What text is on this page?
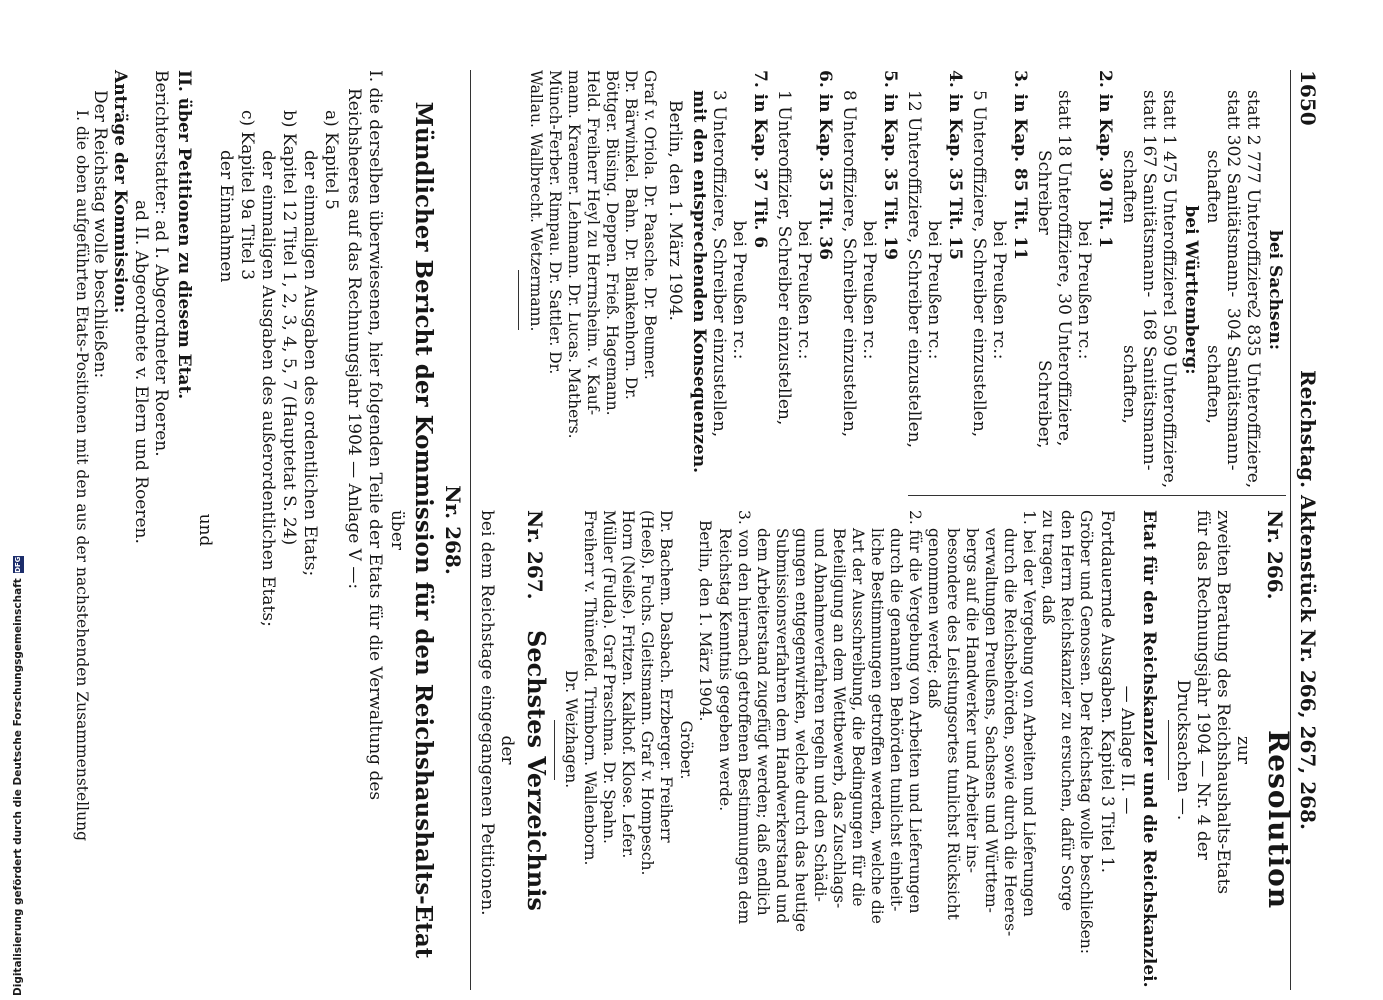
1650
Reichstag. Aktenstück Nr. 266, 267, 268.
bei Sachsen:
statt 2 777 Unteroffiziere
2 835 Unteroffiziere,
statt 302 Sanitätsmann-
304 Sanitätsmann-
schaften
schaften,
bei Württemberg:
statt 1 475 Unteroffiziere
1 509 Unteroffiziere,
statt 167 Sanitätsmann-
168 Sanitätsmann-
schaften
schaften,
2. in Kap. 30 Tit. 1
bei Preußen rc.:
statt 18 Unteroffiziere, 30 Unteroffiziere,
Schreiber
Schreiber,
3. in Kap. 85 Tit. 11
bei Preußen rc.:
5 Unteroffiziere, Schreiber einzustellen,
4. in Kap. 35 Tit. 15
bei Preußen rc.:
12 Unteroffiziere, Schreiber einzustellen,
5. in Kap. 35 Tit. 19
bei Preußen rc.:
8 Unteroffiziere, Schreiber einzustellen,
6. in Kap. 35 Tit. 36
bei Preußen rc.:
1 Unteroffizier, Schreiber einzustellen,
7. in Kap. 37 Tit. 6
bei Preußen rc.:
3 Unteroffiziere, Schreiber einzustellen,
mit den entsprechenden Konsequenzen.
Berlin, den 1. März 1904.
Graf v. Oriola. Dr. Paasche. Dr. Beumer.
Dr. Bärwinkel. Bahn. Dr. Blankenhorn. Dr.
Böttger. Büsing. Deppen. Frieß. Hagemann.
Held. Freiherr Heyl zu Herrnsheim. v. Kauf-
mann. Kraemer. Lehmann. Dr. Lucas. Mathers.
Münch-Ferber. Rimpau. Dr. Sattler. Dr.
Wallau. Wallbrecht. Wetzermann.
Nr. 266.
Resolution
zur
zweiten Beratung des Reichshaushalts-Etats
für das Rechnungsjahr 1904 — Nr. 4 der
Drucksachen —.
Etat für den Reichskanzler und die Reichskanzlei.
— Anlage II. —
Fortdauernde Ausgaben. Kapitel 3 Titel 1.
Gröber und Genossen. Der Reichstag wolle beschließen:
den Herrn Reichskanzler zu ersuchen, dafür Sorge
zu tragen, daß
1. bei der Vergebung von Arbeiten und Lieferungen
durch die Reichsbehörden, sowie durch die Heeres-
verwaltungen Preußens, Sachsens und Württem-
bergs auf die Handwerker und Arbeiter ins-
besondere des Leistungsortes tunlichst Rücksicht
genommen werde; daß
2. für die Vergebung von Arbeiten und Lieferungen
durch die genannten Behörden tunlichst einheit-
liche Bestimmungen getroffen werden, welche die
Art der Ausschreibung, die Bedingungen für die
Beteiligung an dem Wettbewerb, das Zuschlags-
und Abnahmeverfahren regeln und den Schädi-
gungen entgegenwirken, welche durch das heutige
Submissionsverfahren dem Handwerkerstand und
dem Arbeiterstand zugefügt werden; daß endlich
3. von den hiernach getroffenen Bestimmungen dem
Reichstag Kenntnis gegeben werde.
Berlin, den 1. März 1904.
Gröber.
Dr. Bachem. Dasbach. Erzberger. Freiherr
(Heeß). Fuchs. Gleitsmann. Graf v. Hompesch.
Horn (Neiße). Fritzen. Kalkhof. Klose. Lefer.
Müller (Fulda). Graf Praschma. Dr. Spahn.
Freiherr v. Thünefeld. Trimborn. Wallenborn.
Dr. Weizhagen.
Nr. 267.
Sechstes Verzeichnis
der
bei dem Reichstage eingegangenen Petitionen.
Nr. 268.
Mündlicher Bericht der Kommission für den Reichshaushalts-Etat
über
I. die derselben überwiesenen, hier folgenden Teile der Etats für die Verwaltung des
Reichsheeres auf das Rechnungsjahr 1904 — Anlage V —:
a) Kapitel 5
der einmaligen Ausgaben des ordentlichen Etats;
b) Kapitel 12 Titel 1, 2, 3, 4, 5, 7 (Hauptetat S. 24)
der einmaligen Ausgaben des außerordentlichen Etats;
c) Kapitel 9a Titel 3
der Einnahmen
und
II. über Petitionen zu diesem Etat.
Berichterstatter: ad I. Abgeordneter Roeren.
ad II. Abgeordnete v. Elern und Roeren.
Anträge der Kommission:
Der Reichstag wolle beschließen:
I. die oben aufgeführten Etats-Positionen mit den aus der nachstehenden Zusammenstellung
Digitalisierung gefördert durch die Deutsche Forschungsgemeinschaft
DFG
